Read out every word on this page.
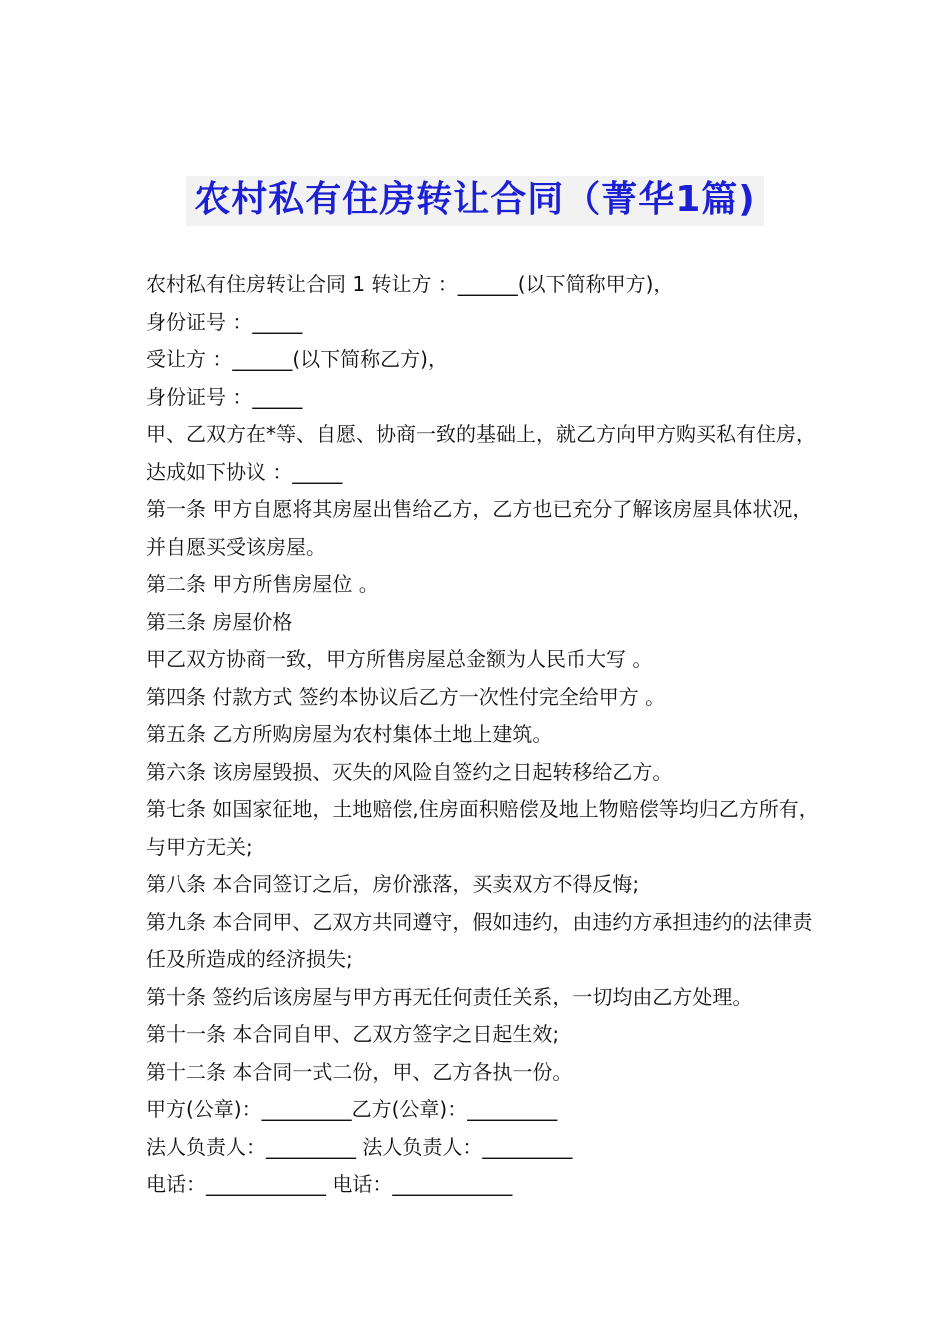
农村私有住房转让合同（菁华1篇)

农村私有住房转让合同 1 转让方 ：______(以下简称甲方)，

身份证号 ：_____

受让方 ：______(以下简称乙方)，

身份证号 ：_____

甲、乙双方在*等、自愿、协商一致的基础上，就乙方向甲方购买私有住房，达成如下协议 ：_____

第一条 甲方自愿将其房屋出售给乙方，乙方也已充分了解该房屋具体状况，并自愿买受该房屋。

第二条 甲方所售房屋位 。

第三条 房屋价格

甲乙双方协商一致，甲方所售房屋总金额为人民币大写 。

第四条 付款方式 签约本协议后乙方一次性付完全给甲方 。

第五条 乙方所购房屋为农村集体土地上建筑。

第六条 该房屋毁损、灭失的风险自签约之日起转移给乙方。

第七条 如国家征地，土地赔偿,住房面积赔偿及地上物赔偿等均归乙方所有，与甲方无关;

第八条 本合同签订之后，房价涨落，买卖双方不得反悔;

第九条 本合同甲、乙双方共同遵守，假如违约，由违约方承担违约的法律责任及所造成的经济损失;

第十条 签约后该房屋与甲方再无任何责任关系，一切均由乙方处理。

第十一条 本合同自甲、乙双方签字之日起生效;

第十二条 本合同一式二份，甲、乙方各执一份。

甲方(公章)：_________乙方(公章)：_________

法人负责人：_________ 法人负责人：_________

电话：____________ 电话：____________
